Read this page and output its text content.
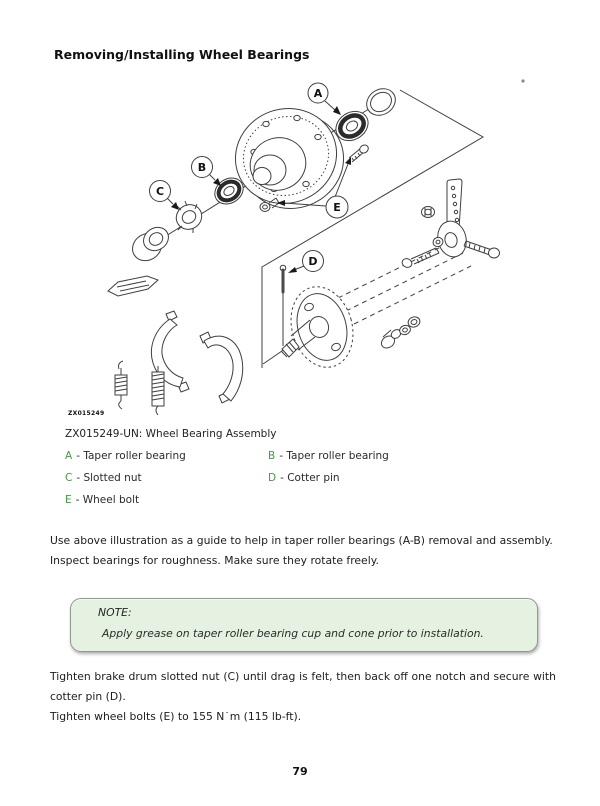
Removing/Installing Wheel Bearings
A
B
C
D
E
ZX015249
ZX015249-UN: Wheel Bearing Assembly
A - Taper roller bearing	B - Taper roller bearing
C - Slotted nut	D - Cotter pin
E - Wheel bolt
Use above illustration as a guide to help in taper roller bearings (A-B) removal and assembly.
Inspect bearings for roughness. Make sure they rotate freely.
NOTE:
Apply grease on taper roller bearing cup and cone prior to installation.
Tighten brake drum slotted nut (C) until drag is felt, then back off one notch and secure with cotter pin (D).
Tighten wheel bolts (E) to 155 N˙m (115 lb-ft).
79
